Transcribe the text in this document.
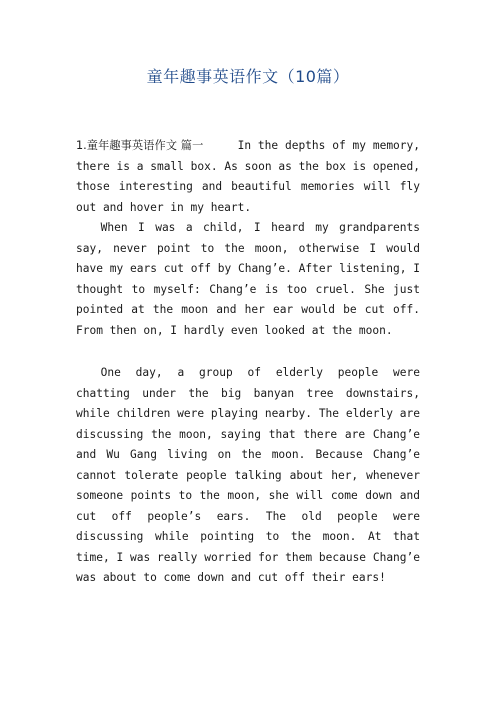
童年趣事英语作文（10篇）

1.童年趣事英语作文 篇一	In the depths of my memory, there is a small box. As soon as the box is opened, those interesting and beautiful memories will fly out and hover in my heart.

When I was a child, I heard my grandparents say, never point to the moon, otherwise I would have my ears cut off by Chang’e. After listening, I thought to myself: Chang’e is too cruel. She just pointed at the moon and her ear would be cut off. From then on, I hardly even looked at the moon.

One day, a group of elderly people were chatting under the big banyan tree downstairs, while children were playing nearby. The elderly are discussing the moon, saying that there are Chang’e and Wu Gang living on the moon. Because Chang’e cannot tolerate people talking about her, whenever someone points to the moon, she will come down and cut off people’s ears. The old people were discussing while pointing to the moon. At that time, I was really worried for them because Chang’e was about to come down and cut off their ears!
